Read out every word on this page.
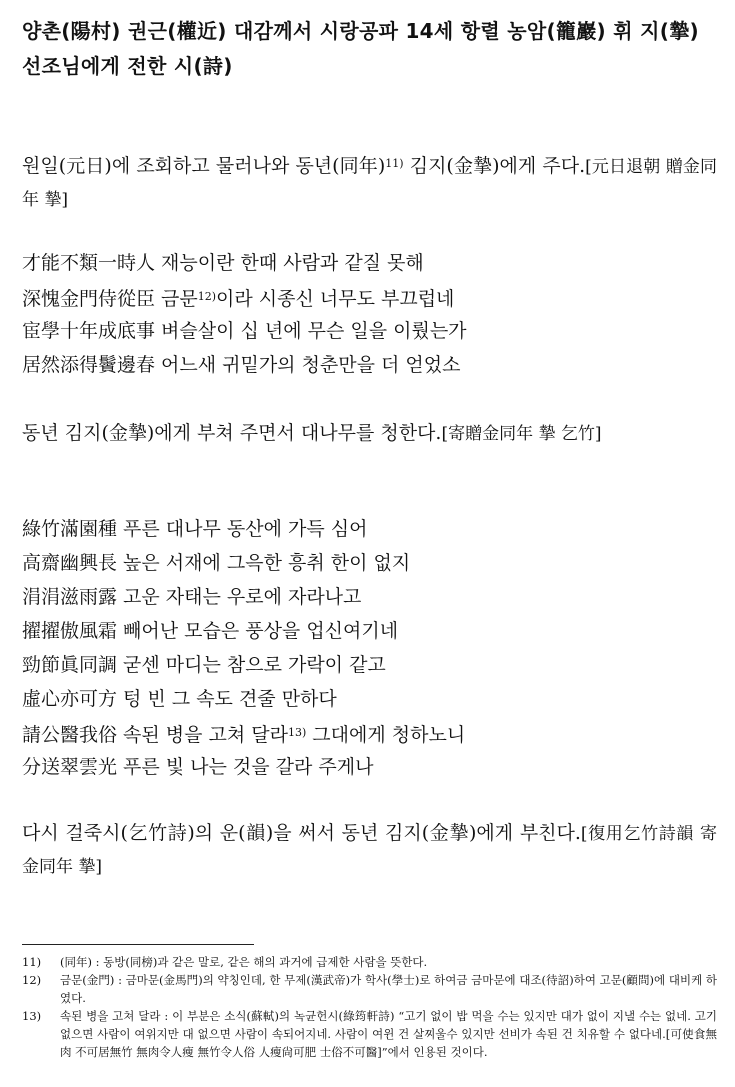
양촌(陽村) 권근(權近) 대감께서 시랑공파 14세 항렬 농암(籠巖) 휘 지(摯) 선조님에게 전한 시(詩)
원일(元日)에 조회하고 물러나와 동년(同年)$^{11)}$ 김지(金摯)에게 주다.[元日退朝 贈金同年 摯]
才能不類一時人 재능이란 한때 사람과 같질 못해
深愧金門侍從臣 금문$^{12)}$이라 시종신 너무도 부끄럽네
宦學十年成底事 벼슬살이 십 년에 무슨 일을 이뤘는가
居然添得鬢邊春 어느새 귀밑가의 청춘만을 더 얻었소
동년 김지(金摯)에게 부쳐 주면서 대나무를 청한다.[寄贈金同年 摯 乞竹]
綠竹滿園種 푸른 대나무 동산에 가득 심어
高齋幽興長 높은 서재에 그윽한 흥취 한이 없지
涓涓滋雨露 고운 자태는 우로에 자라나고
擢擢傲風霜 빼어난 모습은 풍상을 업신여기네
勁節眞同調 굳센 마디는 참으로 가락이 같고
虛心亦可方 텅 빈 그 속도 견줄 만하다
請公醫我俗 속된 병을 고쳐 달라$^{13)}$ 그대에게 청하노니
分送翠雲光 푸른 빛 나는 것을 갈라 주게나
다시 걸죽시(乞竹詩)의 운(韻)을 써서 동년 김지(金摯)에게 부친다.[復用乞竹詩韻 寄金同年 摯]
11)	(同年) : 동방(同榜)과 같은 말로, 같은 해의 과거에 급제한 사람을 뜻한다.
12)	금문(金門) : 금마문(金馬門)의 약칭인데, 한 무제(漢武帝)가 학사(學士)로 하여금 금마문에 대조(待詔)하여 고문(顧問)에 대비케 하였다.
13)	속된 병을 고쳐 달라 : 이 부분은 소식(蘇軾)의 녹균헌시(綠筠軒詩) “고기 없이 밥 먹을 수는 있지만 대가 없이 지낼 수는 없네. 고기 없으면 사람이 여위지만 대 없으면 사람이 속되어지네. 사람이 여윈 건 살찌울수 있지만 선비가 속된 건 치유할 수 없다네.[可使食無肉 不可居無竹 無肉令人瘦 無竹令人俗 人瘦尙可肥 士俗不可醫]”에서 인용된 것이다.
